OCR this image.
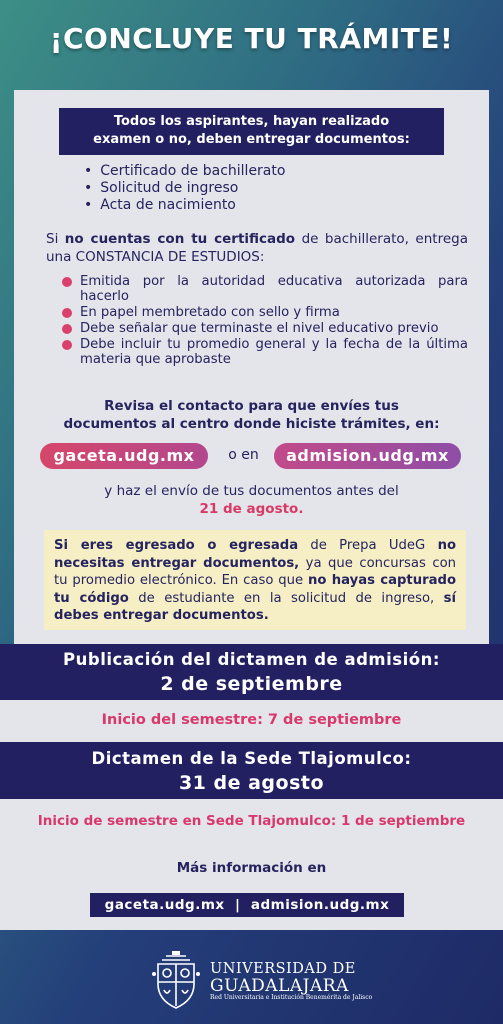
¡CONCLUYE TU TRÁMITE!
Todos los aspirantes, hayan realizado
examen o no, deben entregar documentos:
• Certificado de bachillerato
• Solicitud de ingreso
• Acta de nacimiento
Si no cuentas con tu certificado de bachillerato, entrega una CONSTANCIA DE ESTUDIOS:
Emitida por la autoridad educativa autorizada para hacerlo
En papel membretado con sello y firma
Debe señalar que terminaste el nivel educativo previo
Debe incluir tu promedio general y la fecha de la última materia que aprobaste
Revisa el contacto para que envíes tus
documentos al centro donde hiciste trámites, en:
gaceta.udg.mx	o en	admision.udg.mx
y haz el envío de tus documentos antes del
21 de agosto.
Si eres egresado o egresada de Prepa UdeG no necesitas entregar documentos, ya que concursas con tu promedio electrónico. En caso que no hayas capturado tu código de estudiante en la solicitud de ingreso, sí debes entregar documentos.
Publicación del dictamen de admisión:
2 de septiembre
Inicio del semestre: 7 de septiembre
Dictamen de la Sede Tlajomulco:
31 de agosto
Inicio de semestre en Sede Tlajomulco: 1 de septiembre
Más información en
gaceta.udg.mx  |  admision.udg.mx
UNIVERSIDAD DE
GUADALAJARA
Red Universitaria e Institución Benemérita de Jalisco
